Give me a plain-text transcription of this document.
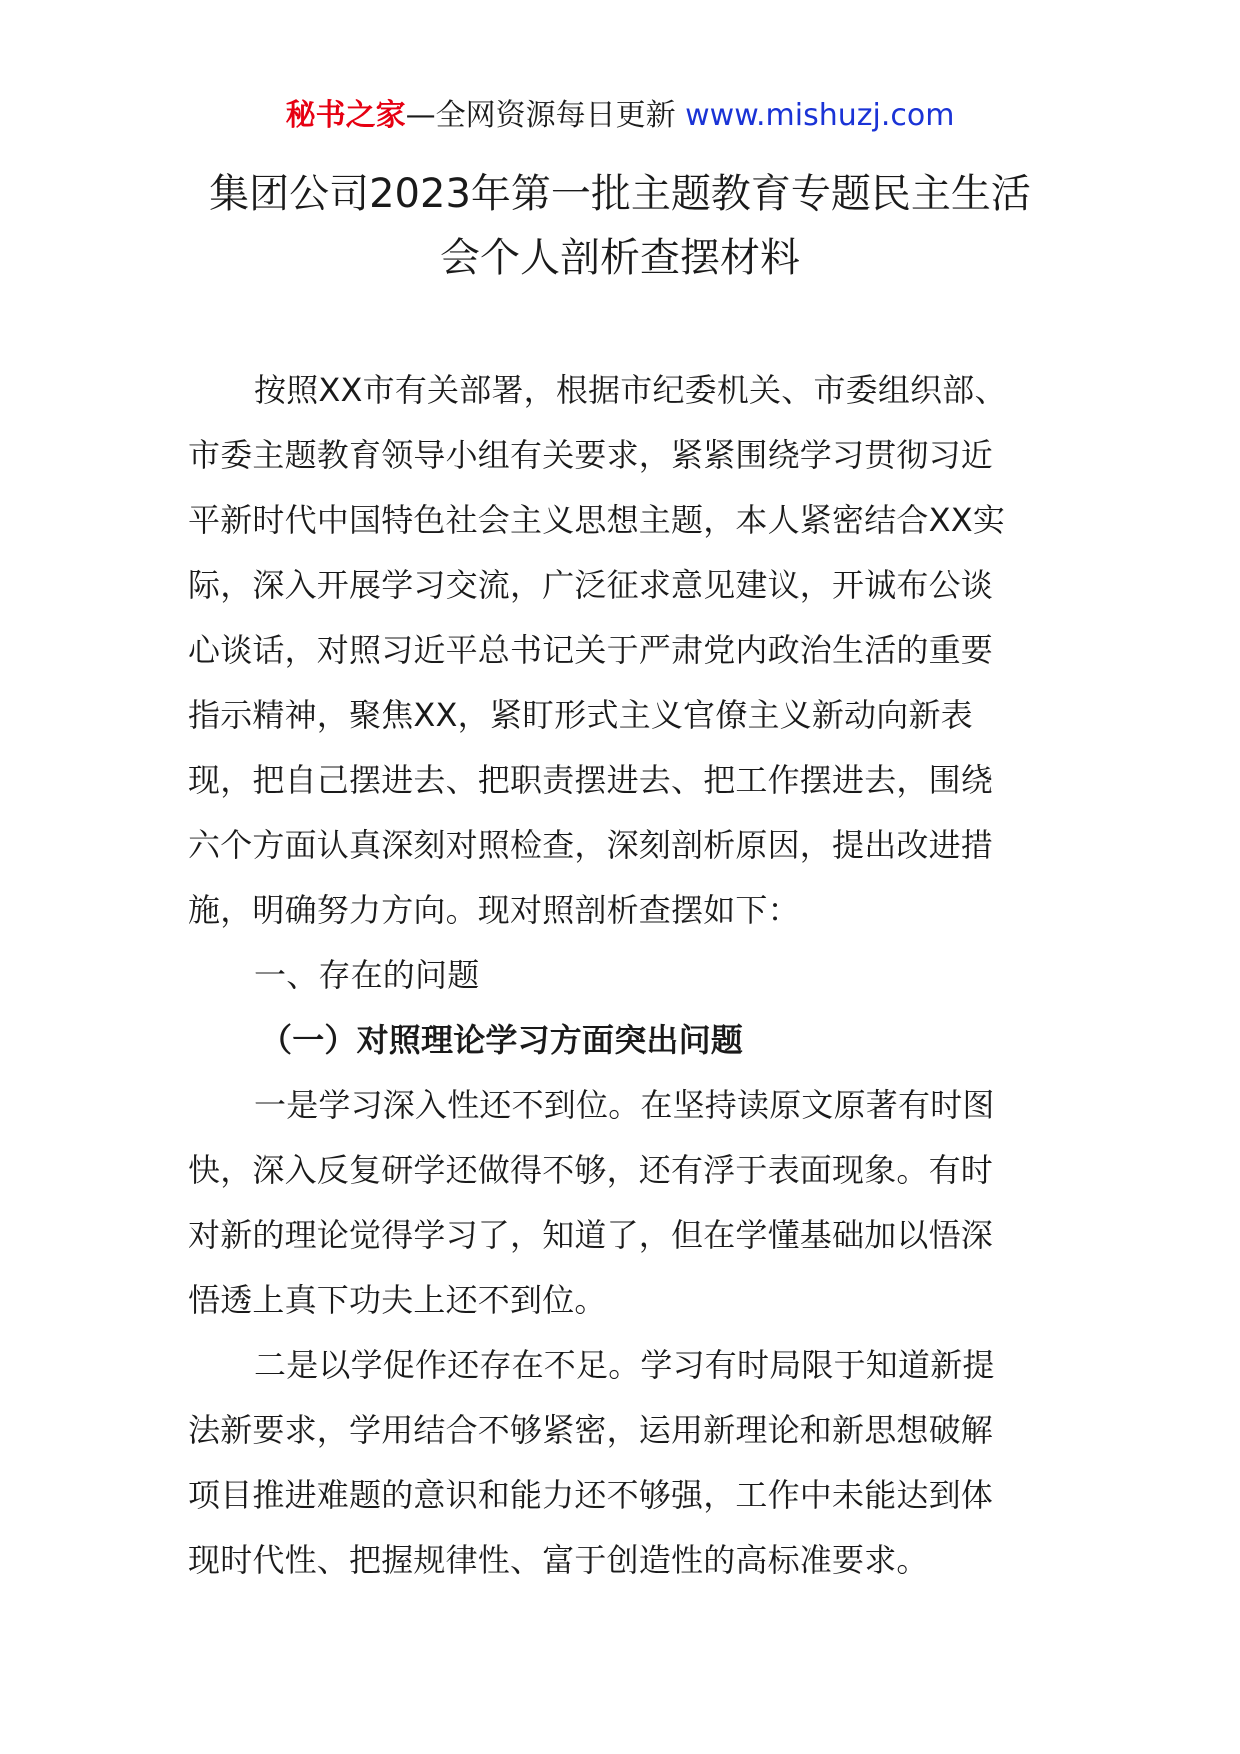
秘书之家—全网资源每日更新 www.mishuzj.com
集团公司2023年第一批主题教育专题民主生活
会个人剖析查摆材料
按照XX市有关部署，根据市纪委机关、市委组织部、
市委主题教育领导小组有关要求，紧紧围绕学习贯彻习近
平新时代中国特色社会主义思想主题，本人紧密结合XX实
际，深入开展学习交流，广泛征求意见建议，开诚布公谈
心谈话，对照习近平总书记关于严肃党内政治生活的重要
指示精神，聚焦XX，紧盯形式主义官僚主义新动向新表
现，把自己摆进去、把职责摆进去、把工作摆进去，围绕
六个方面认真深刻对照检查，深刻剖析原因，提出改进措
施，明确努力方向。现对照剖析查摆如下：
一、存在的问题
（一）对照理论学习方面突出问题
一是学习深入性还不到位。在坚持读原文原著有时图
快，深入反复研学还做得不够，还有浮于表面现象。有时
对新的理论觉得学习了，知道了，但在学懂基础加以悟深
悟透上真下功夫上还不到位。
二是以学促作还存在不足。学习有时局限于知道新提
法新要求，学用结合不够紧密，运用新理论和新思想破解
项目推进难题的意识和能力还不够强，工作中未能达到体
现时代性、把握规律性、富于创造性的高标准要求。
